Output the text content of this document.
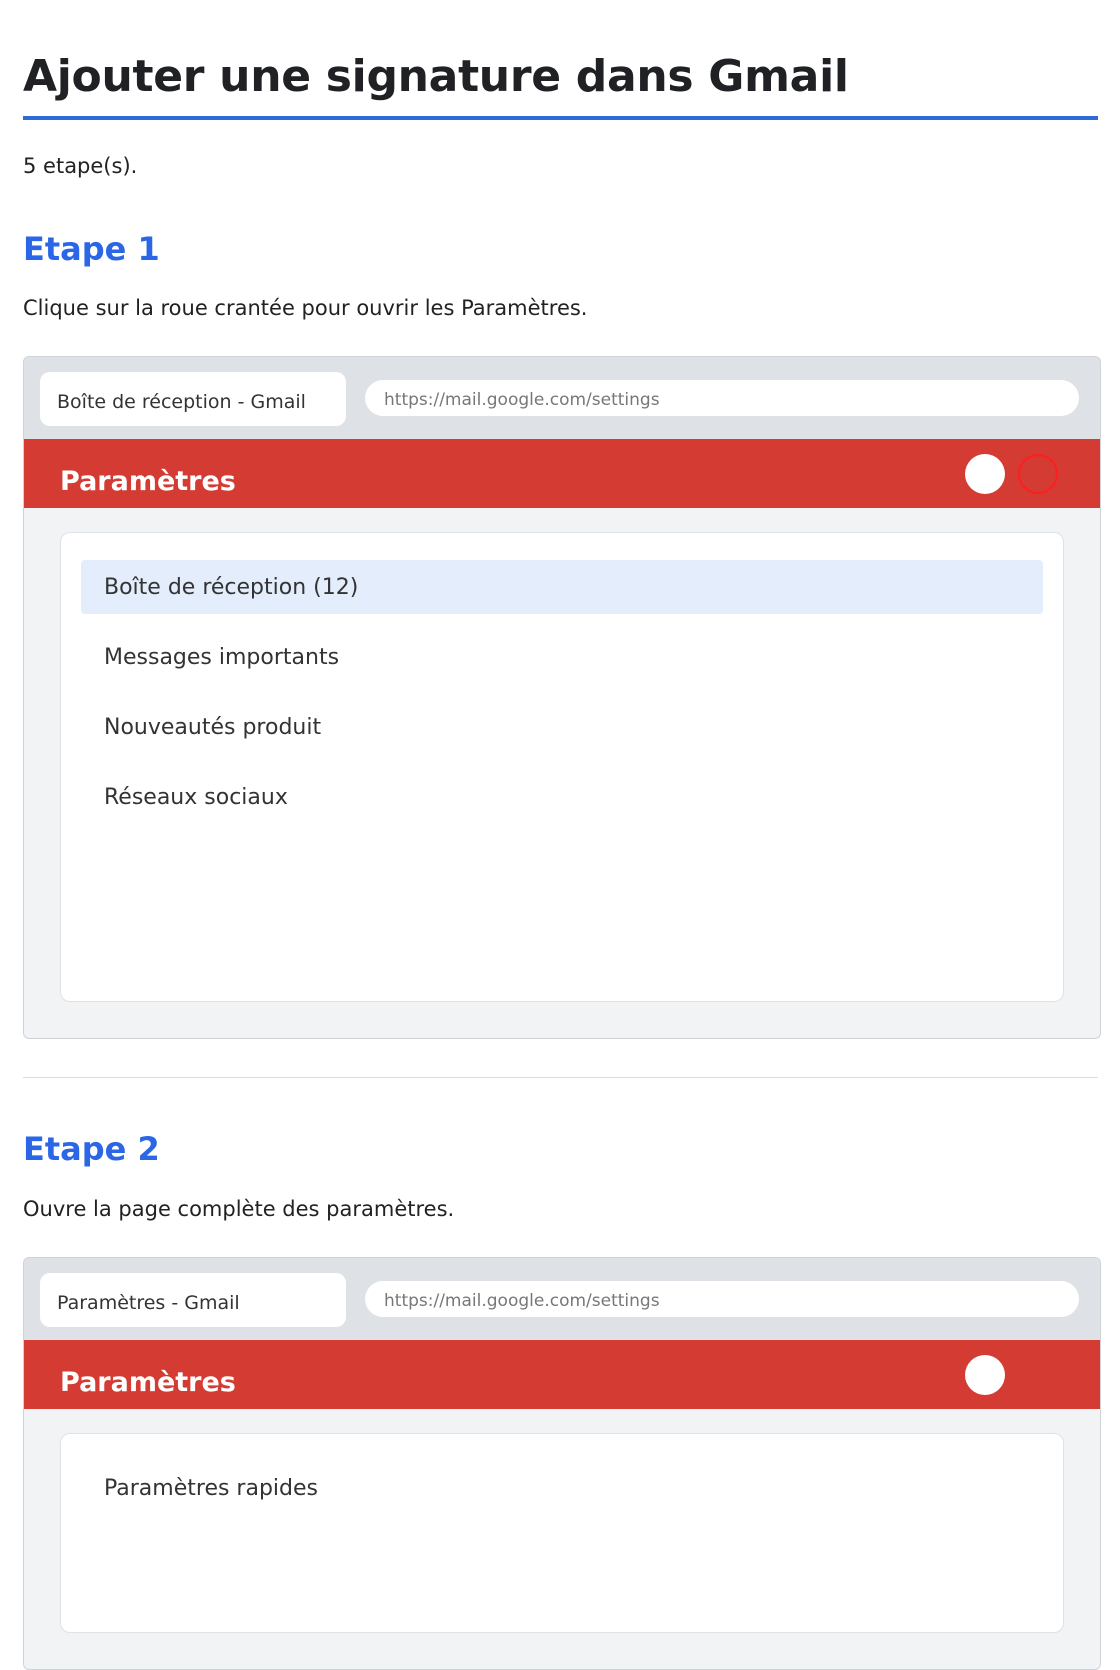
Ajouter une signature dans Gmail
5 etape(s).
Etape 1
Clique sur la roue crantée pour ouvrir les Paramètres.
Boîte de réception - Gmail	https://mail.google.com/settings
Paramètres
Boîte de réception (12)
Messages importants
Nouveautés produit
Réseaux sociaux
Etape 2
Ouvre la page complète des paramètres.
Paramètres - Gmail	https://mail.google.com/settings
Paramètres
Paramètres rapides
